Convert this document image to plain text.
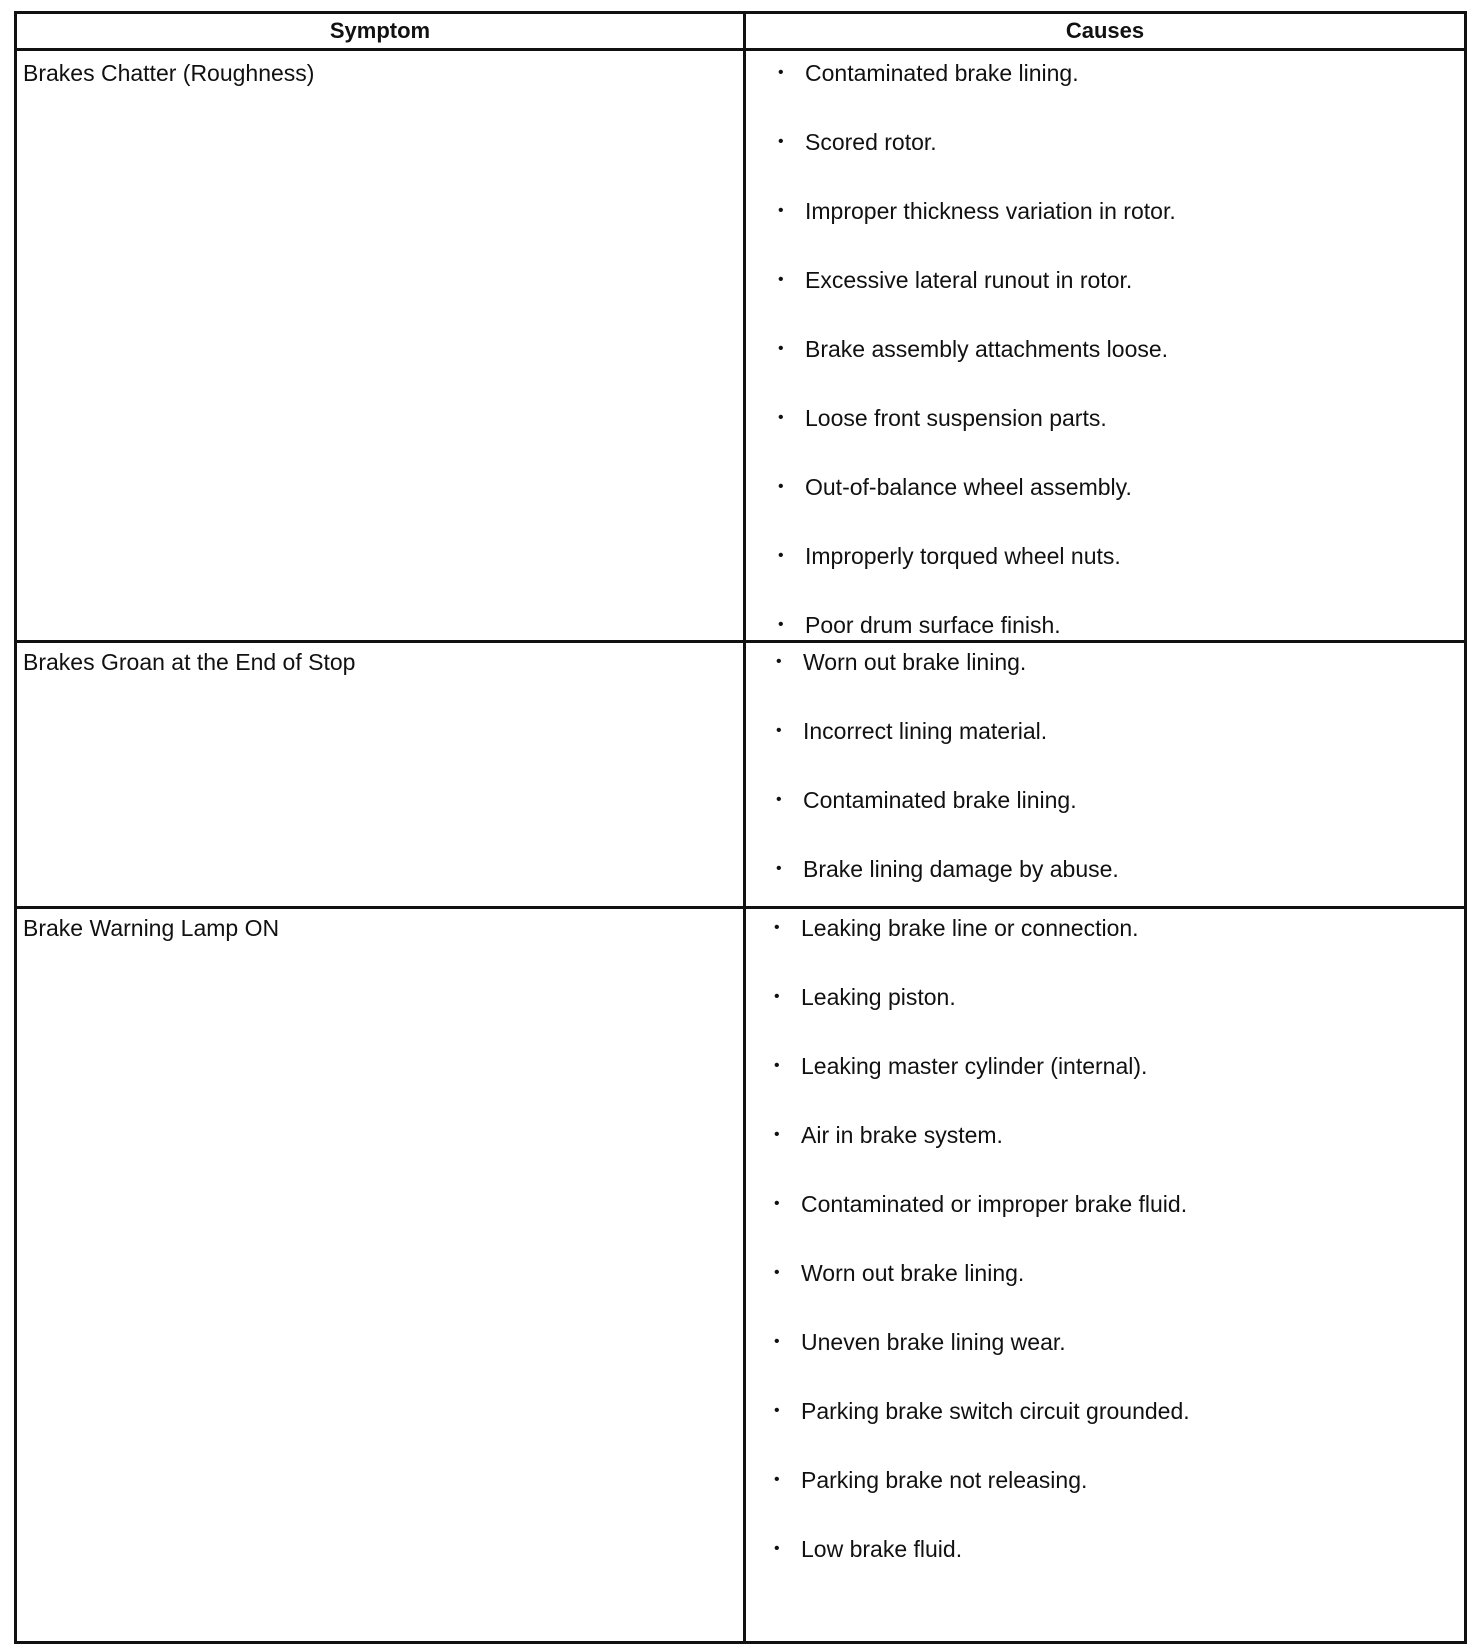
Symptom	Causes
Brakes Chatter (Roughness)	• Contaminated brake lining.
• Scored rotor.
• Improper thickness variation in rotor.
• Excessive lateral runout in rotor.
• Brake assembly attachments loose.
• Loose front suspension parts.
• Out-of-balance wheel assembly.
• Improperly torqued wheel nuts.
• Poor drum surface finish.
Brakes Groan at the End of Stop	• Worn out brake lining.
• Incorrect lining material.
• Contaminated brake lining.
• Brake lining damage by abuse.
Brake Warning Lamp ON	• Leaking brake line or connection.
• Leaking piston.
• Leaking master cylinder (internal).
• Air in brake system.
• Contaminated or improper brake fluid.
• Worn out brake lining.
• Uneven brake lining wear.
• Parking brake switch circuit grounded.
• Parking brake not releasing.
• Low brake fluid.
